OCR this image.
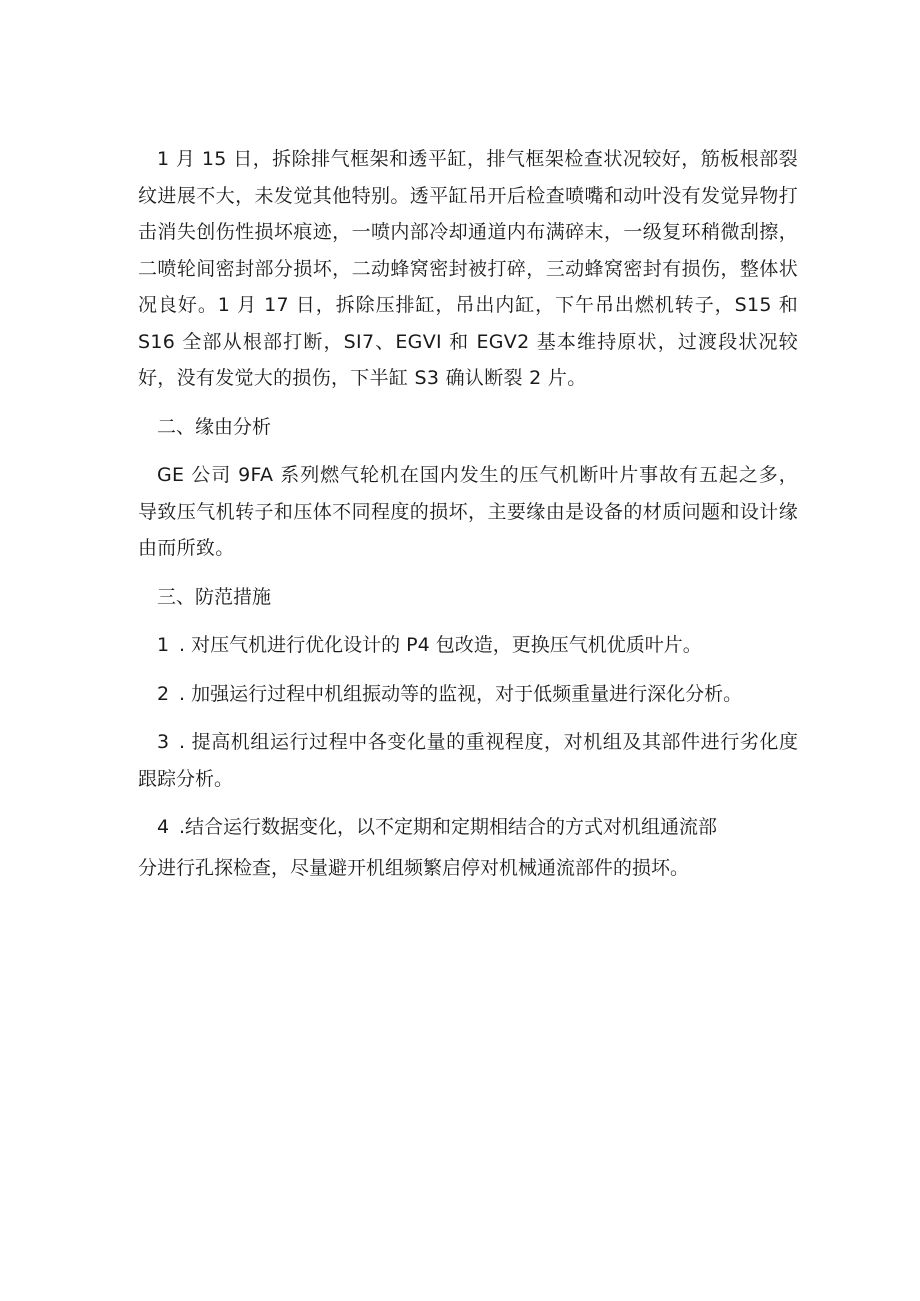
1 月 15 日，拆除排气框架和透平缸，排气框架检查状况较好，筋板根部裂纹进展不大，未发觉其他特别。透平缸吊开后检查喷嘴和动叶没有发觉异物打击消失创伤性损坏痕迹，一喷内部冷却通道内布满碎末，一级复环稍微刮擦，二喷轮间密封部分损坏，二动蜂窝密封被打碎，三动蜂窝密封有损伤，整体状况良好。1 月 17 日，拆除压排缸，吊出内缸，下午吊出燃机转子，S15 和 S16 全部从根部打断，SI7、EGVI 和 EGV2 基本维持原状，过渡段状况较好，没有发觉大的损伤，下半缸 S3 确认断裂 2 片。

二、缘由分析

GE 公司 9FA 系列燃气轮机在国内发生的压气机断叶片事故有五起之多，导致压气机转子和压体不同程度的损坏，主要缘由是设备的材质问题和设计缘由而所致。

三、防范措施

1 . 对压气机进行优化设计的 P4 包改造，更换压气机优质叶片。

2 . 加强运行过程中机组振动等的监视，对于低频重量进行深化分析。

3 . 提高机组运行过程中各变化量的重视程度，对机组及其部件进行劣化度跟踪分析。

4 .结合运行数据变化，以不定期和定期相结合的方式对机组通流部
分进行孔探检查，尽量避开机组频繁启停对机械通流部件的损坏。
